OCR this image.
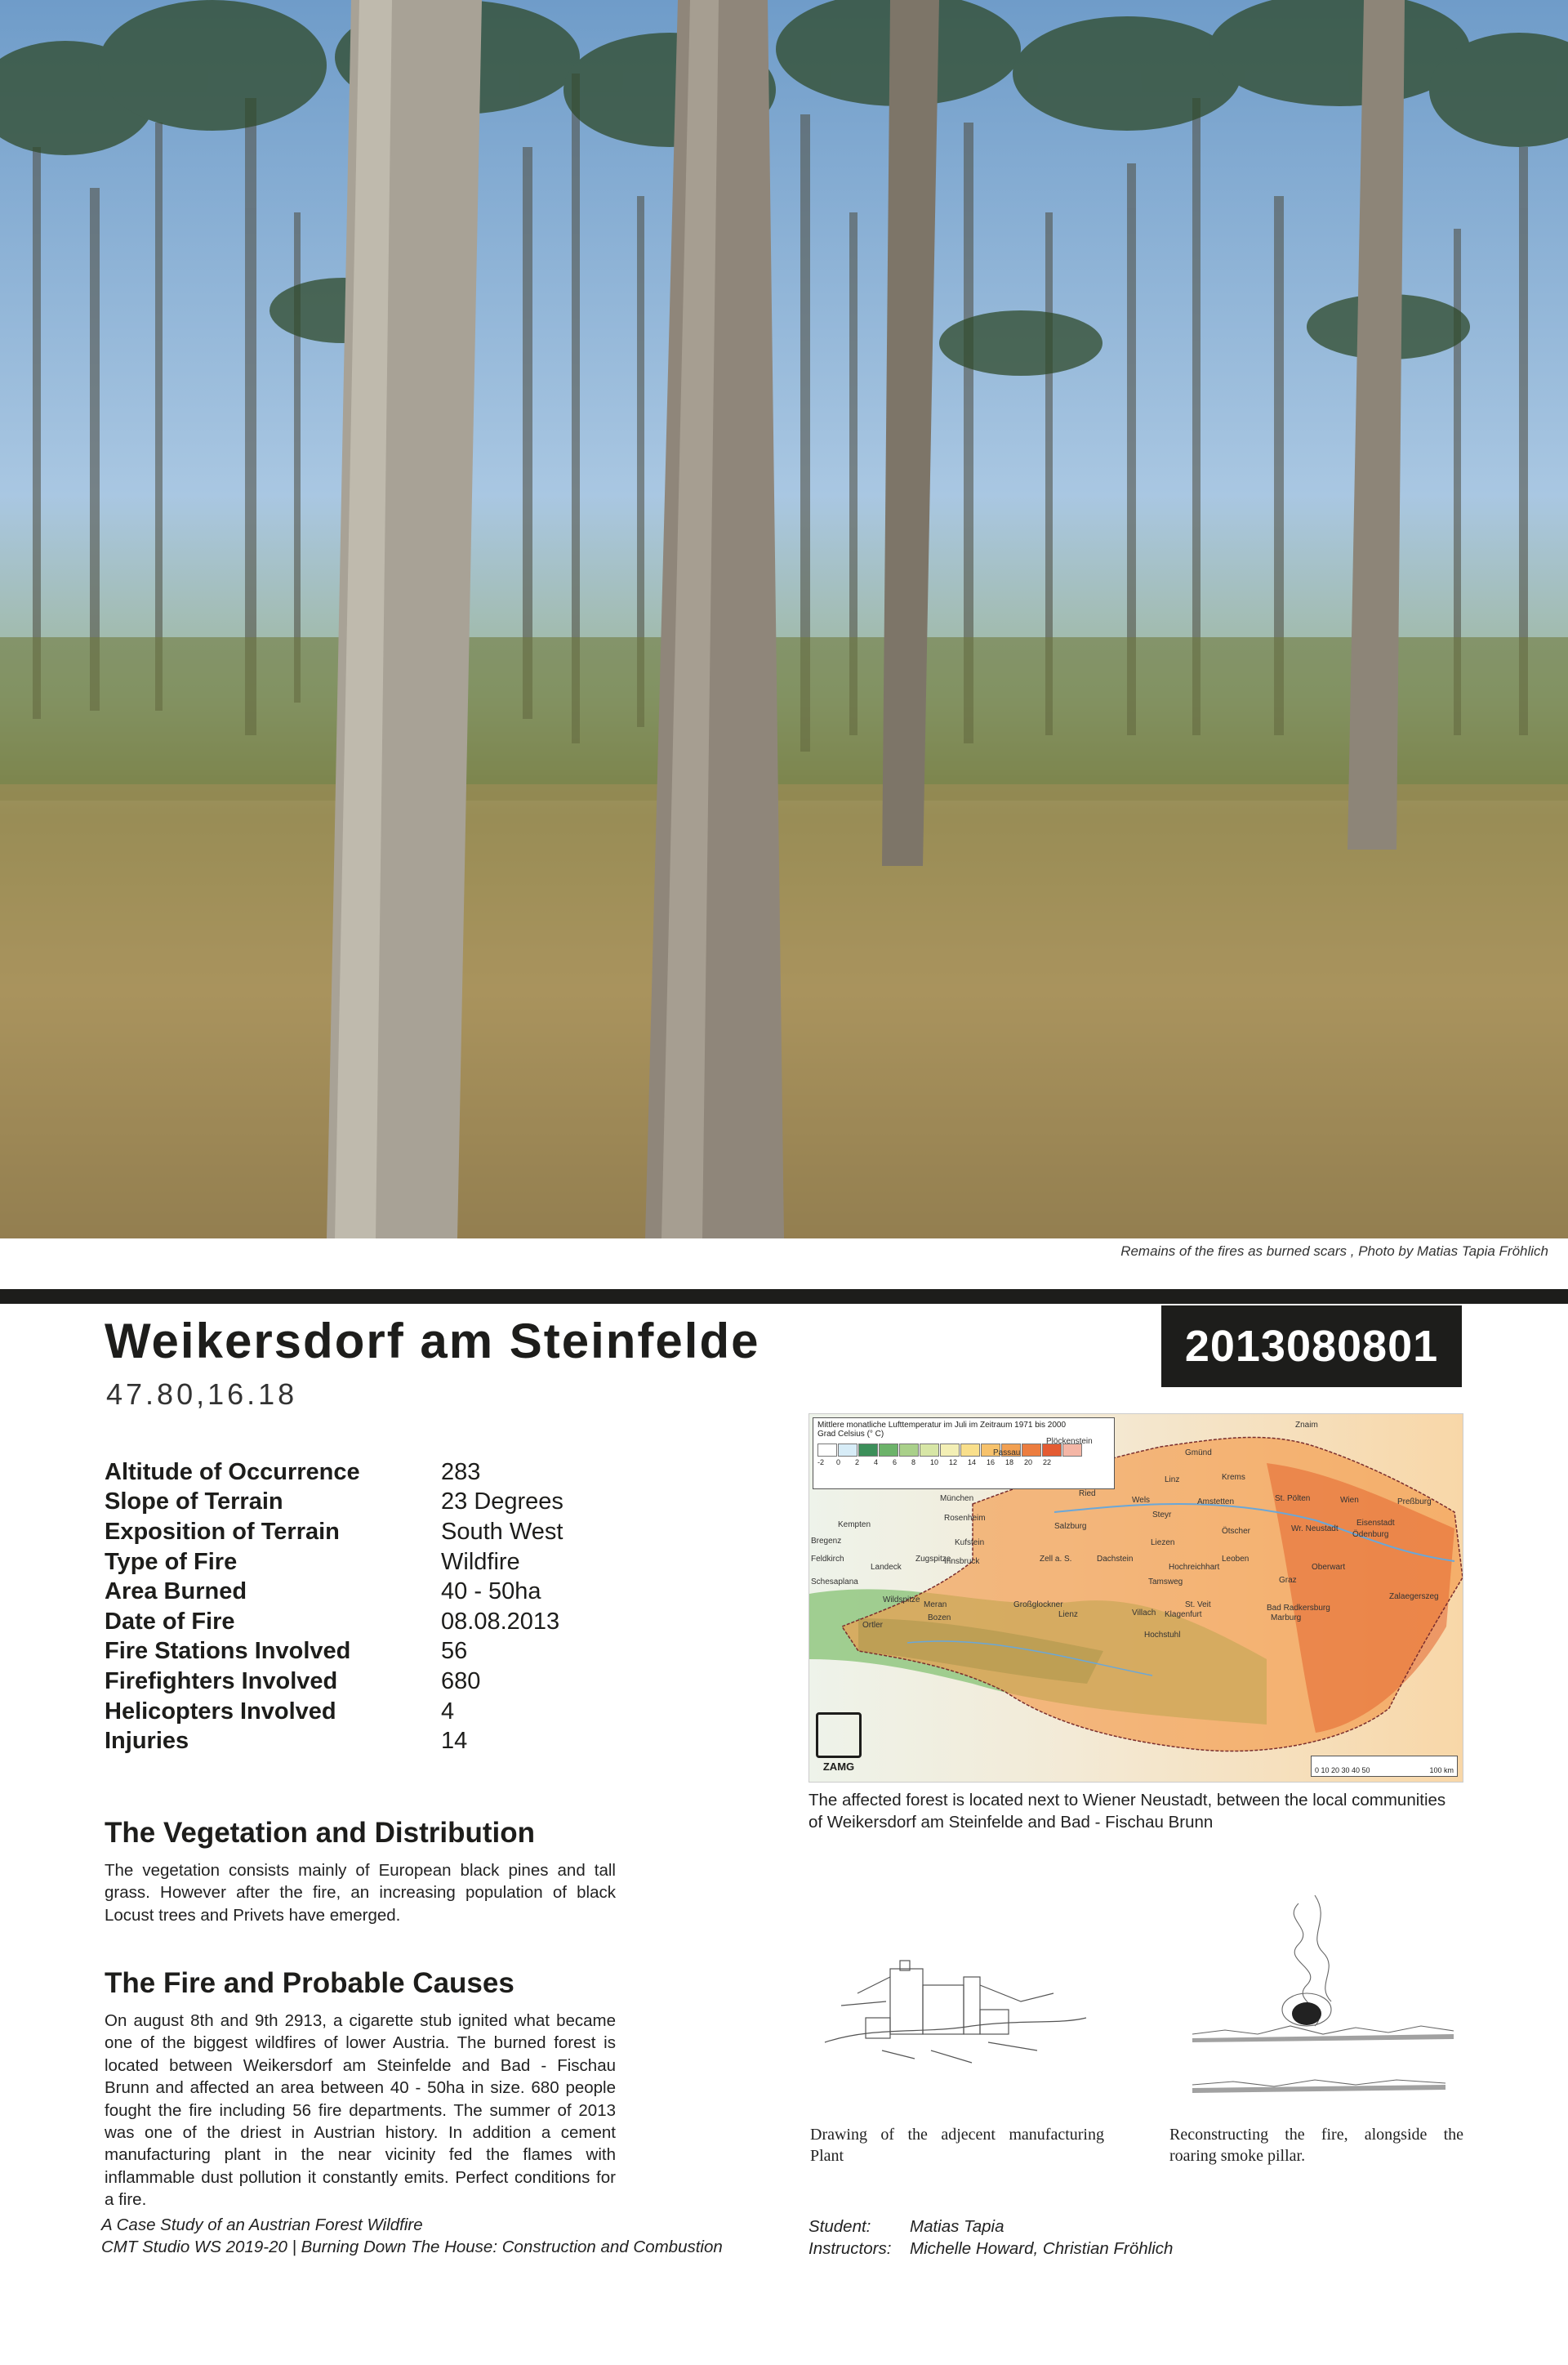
Remains of the fires as burned scars , Photo by Matias Tapia Fröhlich
Weikersdorf am Steinfelde
47.80,16.18
2013080801
Altitude of Occurrence	283
Slope of Terrain	23 Degrees
Exposition of Terrain	South West
Type of Fire	Wildfire
Area Burned	40 - 50ha
Date of Fire	08.08.2013
Fire Stations Involved	56
Firefighters Involved	680
Helicopters Involved	4
Injuries	14
The Vegetation and Distribution
The vegetation consists mainly of European black pines and tall grass. However after the fire, an increasing population of black Locust trees and Privets have emerged.
The Fire and Probable Causes
On august 8th and 9th 2913, a cigarette stub ignited what became one of the biggest wildfires of lower Austria. The burned forest is located between Weikersdorf am Steinfelde and Bad - Fischau Brunn and affected an area between 40 - 50ha in size. 680 people fought the fire including 56 fire departments. The summer of 2013 was one of the driest in Austrian history. In addition a cement manufacturing plant in the near vicinity fed the flames with inflammable dust pollution it constantly emits. Perfect conditions for a fire.
Mittlere monatliche Lufttemperatur im Juli im Zeitraum 1971 bis 2000
Grad Celsius (° C)
-2	0	2	4	6	8	10	12	14	16	18	20	22
Plöckenstein
Gmünd
Znaim
Passau
Krems
Linz
Ried
Wels
München
Steyr
Amstetten	St. Pölten	Wien	Preßburg
Kempten
Rosenheim
Salzburg
Ötscher	Wr. Neustadt
Eisenstadt
Ödenburg
Bregenz	Kufstein	Liezen
Feldkirch	Zugspitze
Innsbruck
Landeck
Zell a. S.	Dachstein	Leoben
Hochreichhart	Oberwart
Schesaplana	Tamsweg	Graz
Großglockner
Lienz
Wildspitze	Zalaegerszeg
Meran	St. Veit	Bad Radkersburg
Villach Klagenfurt
Bozen	Marburg
Ortler
Hochstuhl
ZAMG	0 10 20 30 40 50	100 km
The affected forest is located next to Wiener Neustadt, between the local communities of Weikersdorf am Steinfelde and Bad - Fischau Brunn
Drawing of the adjecent manufacturing Plant
Reconstructing the fire, alongside the roaring smoke pillar.
A Case Study of an Austrian Forest Wildfire
CMT Studio WS 2019-20 | Burning Down The House: Construction and Combustion
Student:	Matias Tapia
Instructors:	Michelle Howard, Christian Fröhlich
